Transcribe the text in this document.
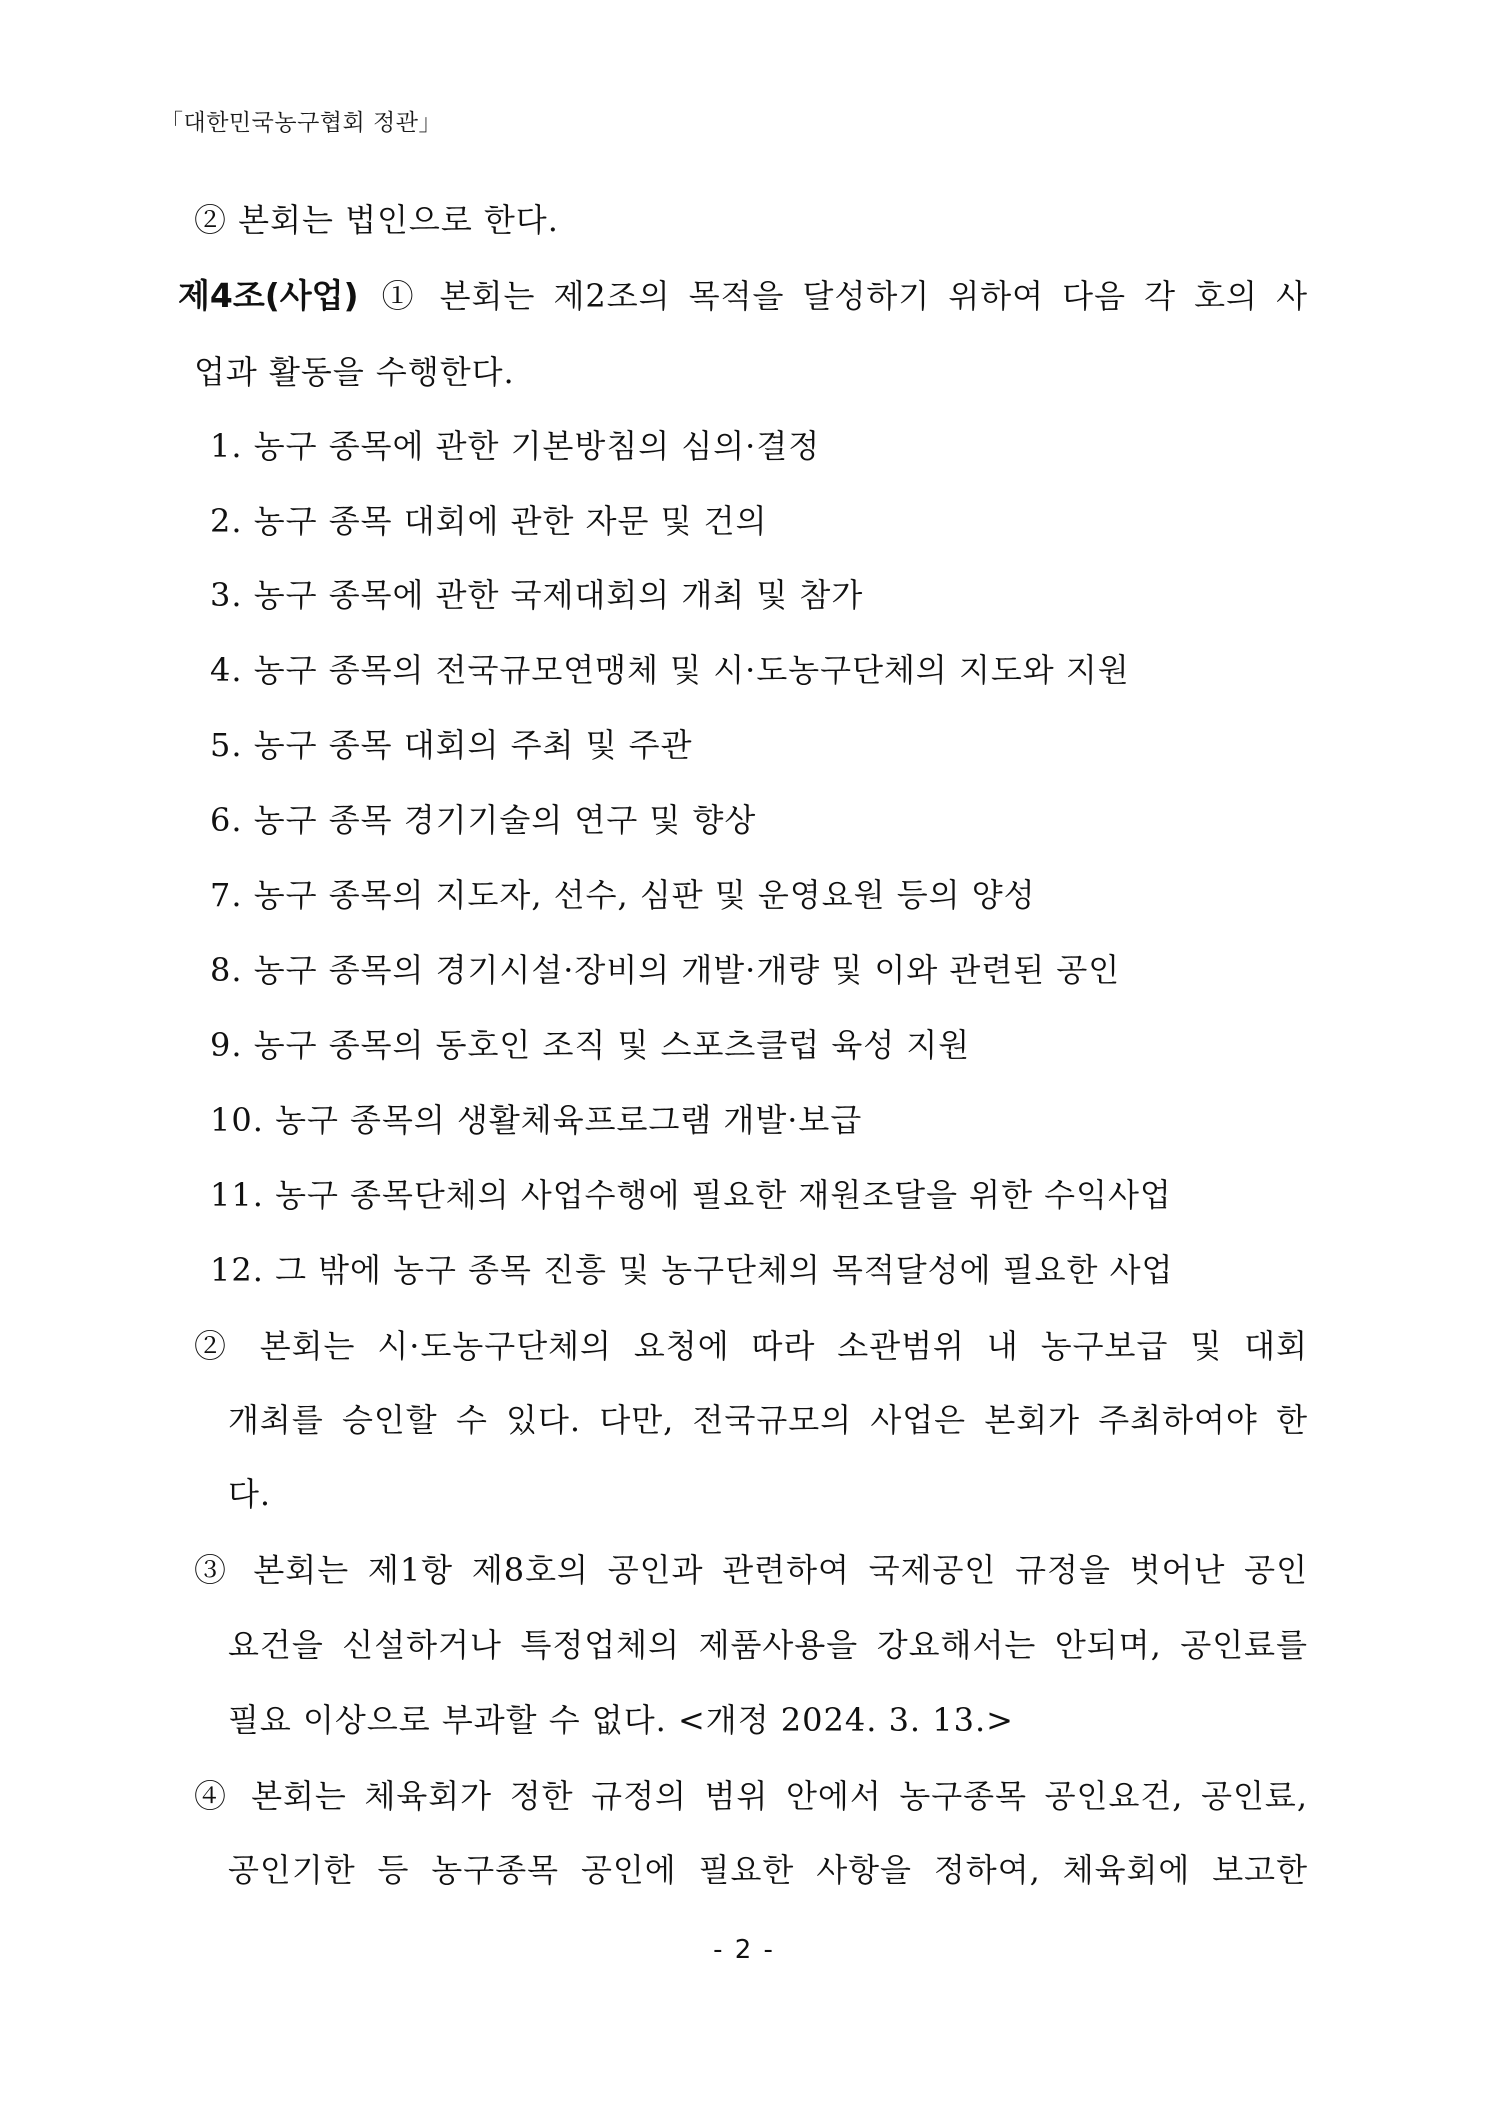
「대한민국농구협회 정관」
② 본회는 법인으로 한다.
제4조(사업) ① 본회는 제2조의 목적을 달성하기 위하여 다음 각 호의 사
업과 활동을 수행한다.
1. 농구 종목에 관한 기본방침의 심의·결정
2. 농구 종목 대회에 관한 자문 및 건의
3. 농구 종목에 관한 국제대회의 개최 및 참가
4. 농구 종목의 전국규모연맹체 및 시·도농구단체의 지도와 지원
5. 농구 종목 대회의 주최 및 주관
6. 농구 종목 경기기술의 연구 및 향상
7. 농구 종목의 지도자, 선수, 심판 및 운영요원 등의 양성
8. 농구 종목의 경기시설·장비의 개발·개량 및 이와 관련된 공인
9. 농구 종목의 동호인 조직 및 스포츠클럽 육성 지원
10. 농구 종목의 생활체육프로그램 개발·보급
11. 농구 종목단체의 사업수행에 필요한 재원조달을 위한 수익사업
12. 그 밖에 농구 종목 진흥 및 농구단체의 목적달성에 필요한 사업
② 본회는 시·도농구단체의 요청에 따라 소관범위 내 농구보급 및 대회
개최를 승인할 수 있다. 다만, 전국규모의 사업은 본회가 주최하여야 한
다.
③ 본회는 제1항 제8호의 공인과 관련하여 국제공인 규정을 벗어난 공인
요건을 신설하거나 특정업체의 제품사용을 강요해서는 안되며, 공인료를
필요 이상으로 부과할 수 없다. <개정 2024. 3. 13.>
④ 본회는 체육회가 정한 규정의 범위 안에서 농구종목 공인요건, 공인료,
공인기한 등 농구종목 공인에 필요한 사항을 정하여, 체육회에 보고한
- 2 -
